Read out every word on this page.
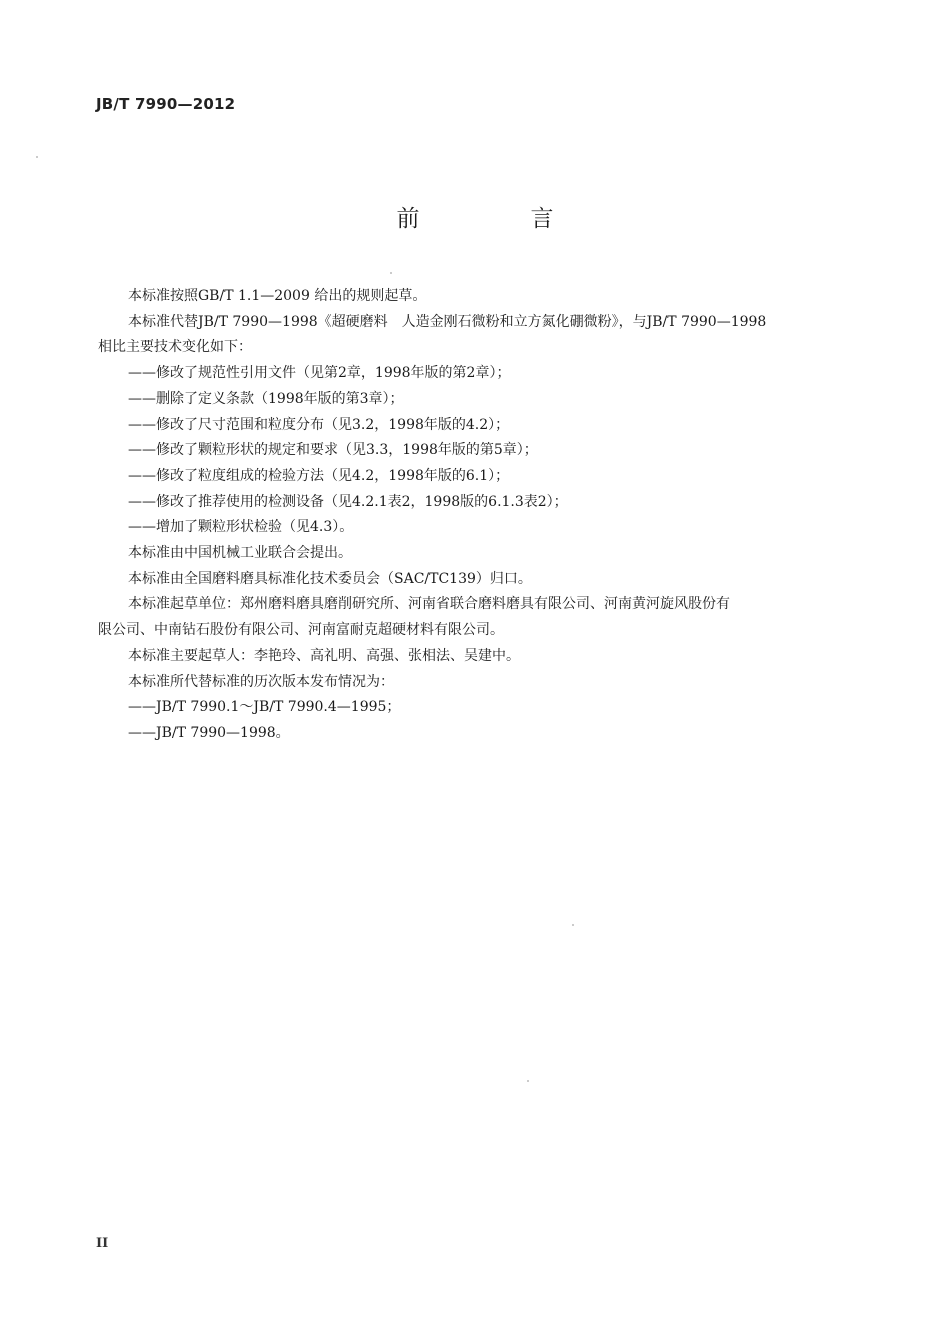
JB/T 7990—2012
前　言

本标准按照GB/T 1.1—2009 给出的规则起草。

本标准代替JB/T 7990—1998《超硬磨料　人造金刚石微粉和立方氮化硼微粉》，与JB/T 7990—1998

相比主要技术变化如下：

——修改了规范性引用文件（见第2章，1998年版的第2章）；

——删除了定义条款（1998年版的第3章）；

——修改了尺寸范围和粒度分布（见3.2，1998年版的4.2）；

——修改了颗粒形状的规定和要求（见3.3，1998年版的第5章）；

——修改了粒度组成的检验方法（见4.2，1998年版的6.1）；

——修改了推荐使用的检测设备（见4.2.1表2，1998版的6.1.3表2）；

——增加了颗粒形状检验（见4.3）。

本标准由中国机械工业联合会提出。

本标准由全国磨料磨具标准化技术委员会（SAC/TC139）归口。

本标准起草单位：郑州磨料磨具磨削研究所、河南省联合磨料磨具有限公司、河南黄河旋风股份有

限公司、中南钻石股份有限公司、河南富耐克超硬材料有限公司。

本标准主要起草人：李艳玲、高礼明、高强、张相法、吴建中。

本标准所代替标准的历次版本发布情况为：

——JB/T 7990.1～JB/T 7990.4—1995；

——JB/T 7990—1998。

II
